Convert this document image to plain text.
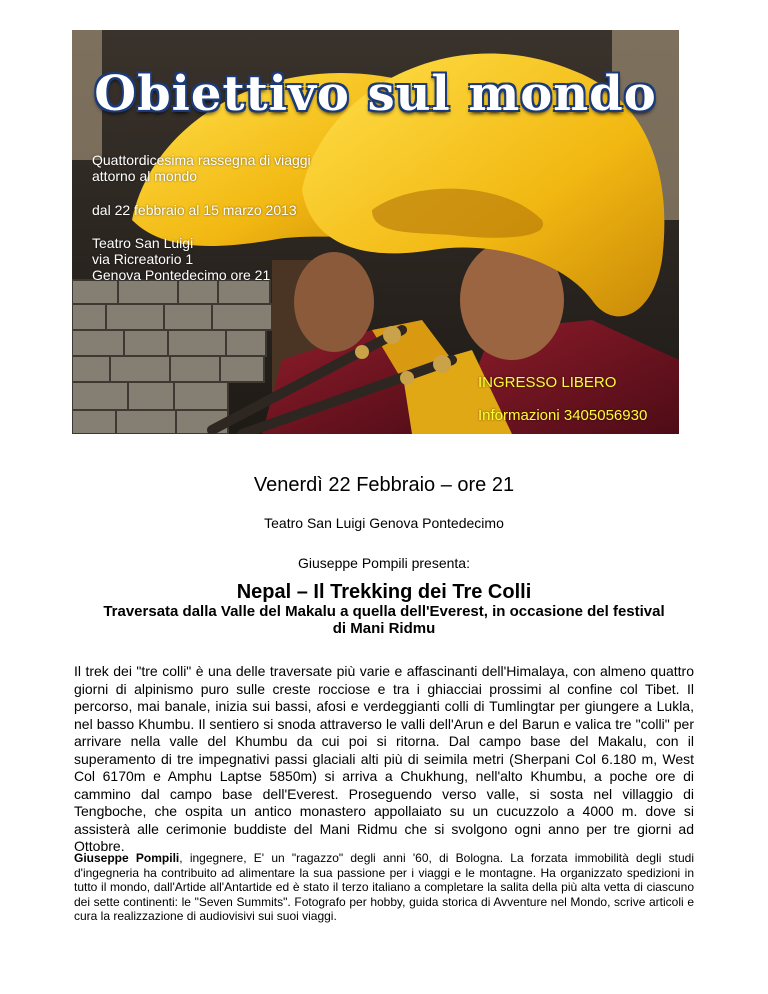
Obiettivo sul mondo
Quattordicesima rassegna di viaggi
attorno al mondo
dal 22 febbraio al 15 marzo 2013
Teatro San Luigi
via Ricreatorio 1
Genova Pontedecimo ore 21
INGRESSO LIBERO
Informazioni 3405056930
Venerdì 22 Febbraio – ore 21
Teatro San Luigi Genova Pontedecimo
Giuseppe Pompili presenta:
Nepal – Il Trekking dei Tre Colli
Traversata dalla Valle del Makalu a quella dell'Everest, in occasione del festival di Mani Ridmu

Il trek dei "tre colli" è una delle traversate più varie e affascinanti dell'Himalaya, con almeno quattro giorni di alpinismo puro sulle creste rocciose e tra i ghiacciai prossimi al confine col Tibet. Il percorso, mai banale, inizia sui bassi, afosi e verdeggianti colli di Tumlingtar per giungere a Lukla, nel basso Khumbu. Il sentiero si snoda attraverso le valli dell'Arun e del Barun e valica tre "colli" per arrivare nella valle del Khumbu da cui poi si ritorna. Dal campo base del Makalu, con il superamento di tre impegnativi passi glaciali alti più di seimila metri (Sherpani Col 6.180 m, West Col 6170m e Amphu Laptse 5850m) si arriva a Chukhung, nell'alto Khumbu, a poche ore di cammino dal campo base dell'Everest. Proseguendo verso valle, si sosta nel villaggio di Tengboche, che ospita un antico monastero appollaiato su un cucuzzolo a 4000 m. dove si assisterà alle cerimonie buddiste del Mani Ridmu che si svolgono ogni anno per tre giorni ad Ottobre.

Giuseppe Pompili, ingegnere, E' un "ragazzo" degli anni '60, di Bologna. La forzata immobilità degli studi d'ingegneria ha contribuito ad alimentare la sua passione per i viaggi e le montagne. Ha organizzato spedizioni in tutto il mondo, dall'Artide all'Antartide ed è stato il terzo italiano a completare la salita della più alta vetta di ciascuno dei sette continenti: le "Seven Summits". Fotografo per hobby, guida storica di Avventure nel Mondo, scrive articoli e cura la realizzazione di audiovisivi sui suoi viaggi.
